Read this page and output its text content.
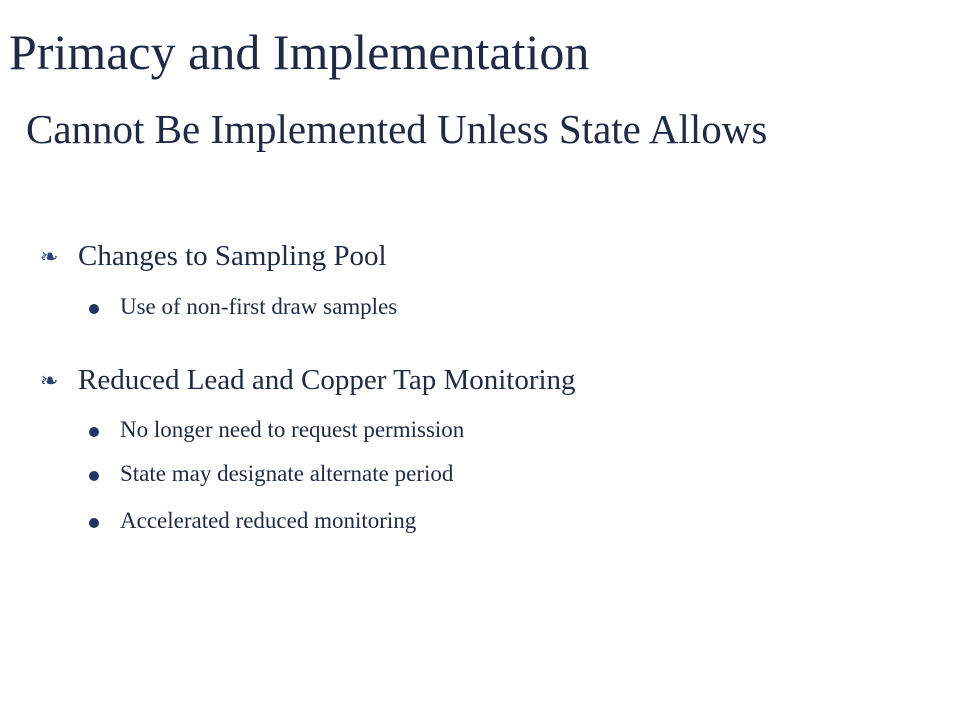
Primacy and Implementation
Cannot Be Implemented Unless State Allows
❧ Changes to Sampling Pool
Use of non-first draw samples
❧ Reduced Lead and Copper Tap Monitoring
No longer need to request permission
State may designate alternate period
Accelerated reduced monitoring
